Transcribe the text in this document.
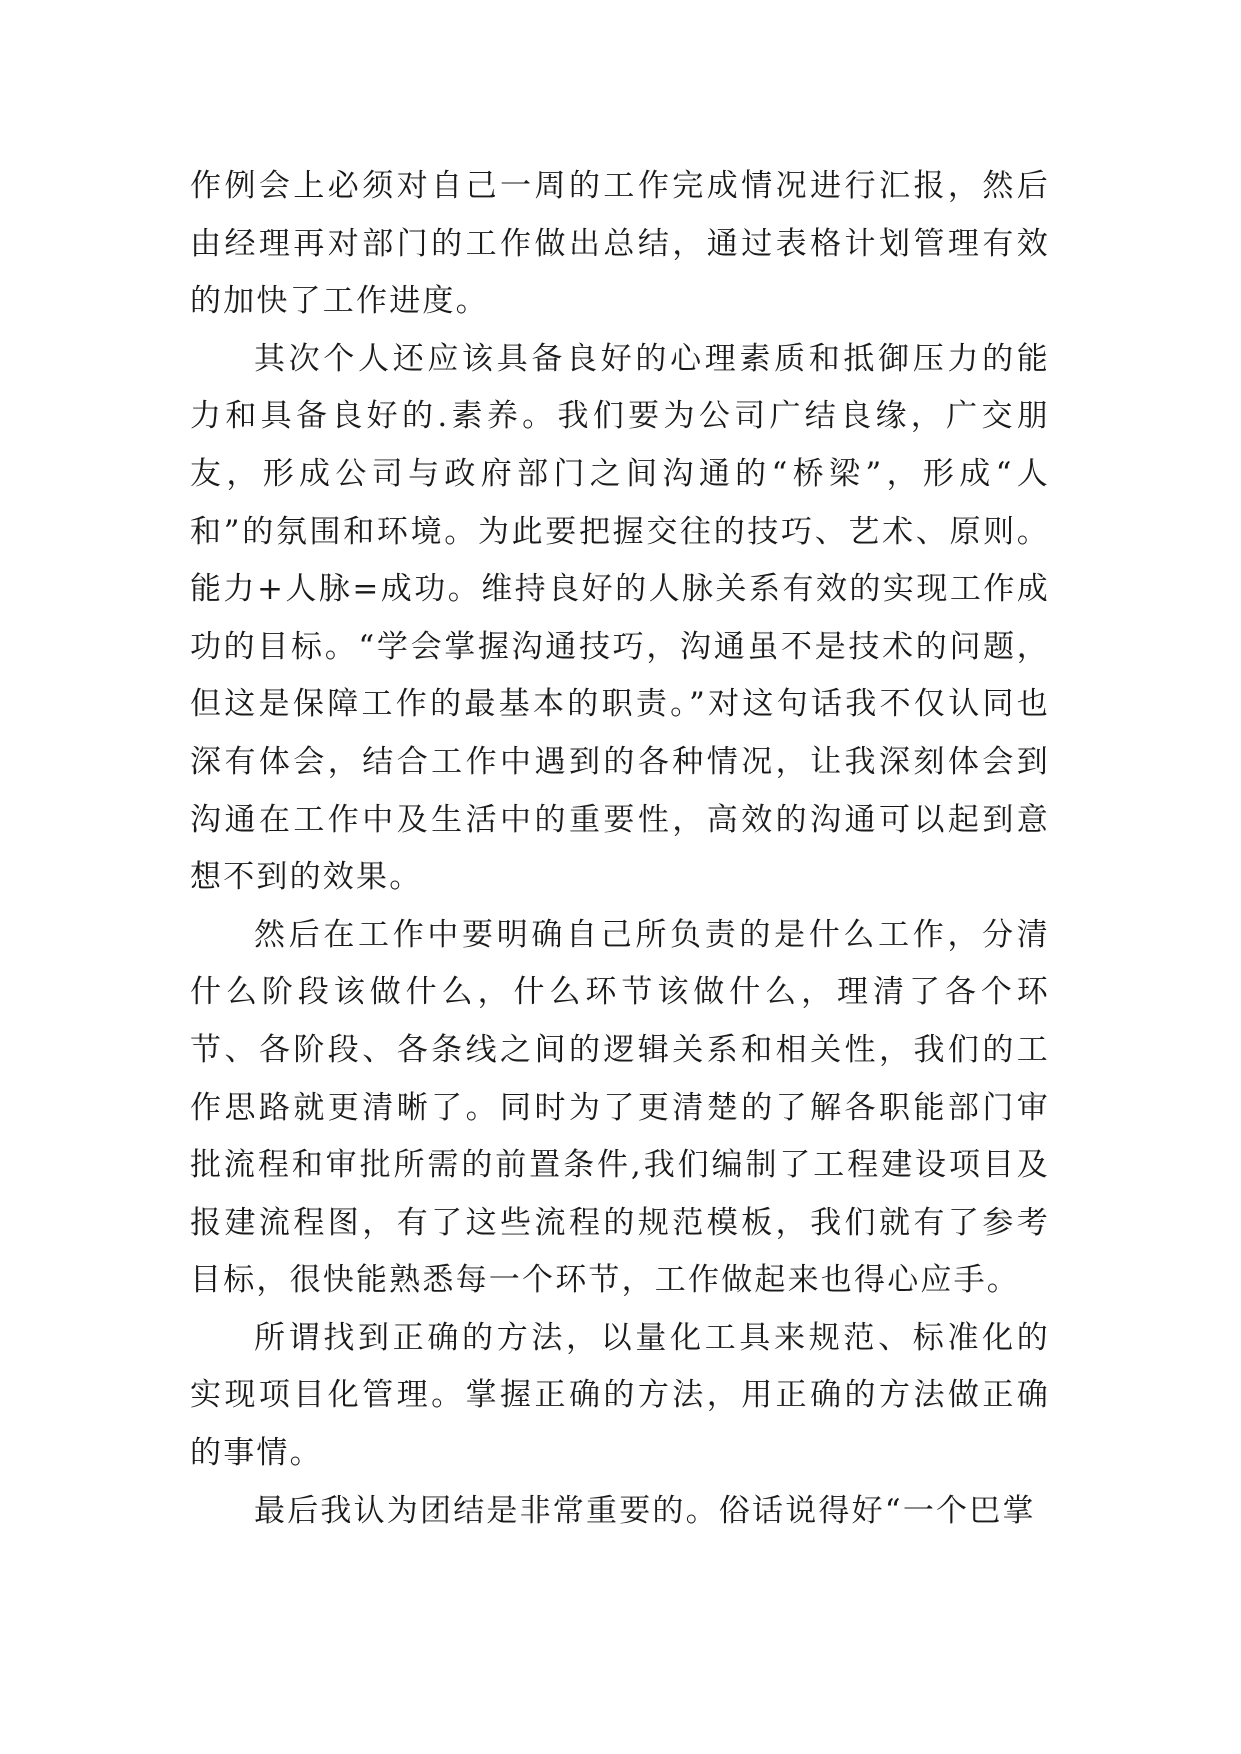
作例会上必须对自己一周的工作完成情况进行汇报，然后由经理再对部门的工作做出总结，通过表格计划管理有效的加快了工作进度。

其次个人还应该具备良好的心理素质和抵御压力的能力和具备良好的.素养。我们要为公司广结良缘，广交朋友，形成公司与政府部门之间沟通的“桥梁”，形成“人和”的氛围和环境。为此要把握交往的技巧、艺术、原则。能力+人脉=成功。维持良好的人脉关系有效的实现工作成功的目标。“学会掌握沟通技巧，沟通虽不是技术的问题，但这是保障工作的最基本的职责。”对这句话我不仅认同也深有体会，结合工作中遇到的各种情况，让我深刻体会到沟通在工作中及生活中的重要性，高效的沟通可以起到意想不到的效果。

然后在工作中要明确自己所负责的是什么工作，分清什么阶段该做什么，什么环节该做什么，理清了各个环节、各阶段、各条线之间的逻辑关系和相关性，我们的工作思路就更清晰了。同时为了更清楚的了解各职能部门审批流程和审批所需的前置条件,我们编制了工程建设项目及报建流程图，有了这些流程的规范模板，我们就有了参考目标，很快能熟悉每一个环节，工作做起来也得心应手。

所谓找到正确的方法，以量化工具来规范、标准化的实现项目化管理。掌握正确的方法，用正确的方法做正确的事情。

最后我认为团结是非常重要的。俗话说得好“一个巴掌
